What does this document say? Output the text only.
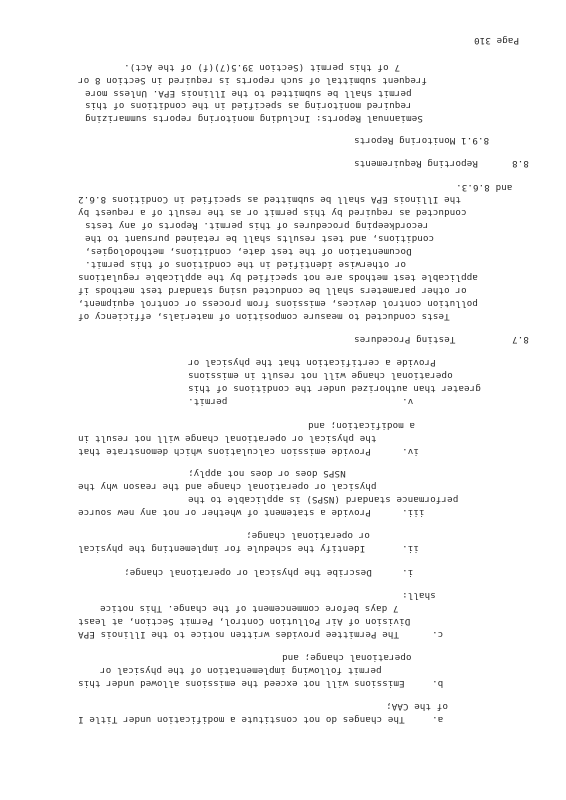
Page 310
7 of this permit (Section 39.5(7)(f) of the Act).
frequent submittal of such reports is required in Section 8 or
permit shall be submitted to the Illinois EPA. Unless more
required monitoring as specified in the conditions of this
Semiannual Reports: Including monitoring reports summarizing
8.9.1 Monitoring Reports
8.8
Reporting Requirements
and 8.6.3.
the Illinois EPA shall be submitted as specified in Conditions 8.6.2
conducted as required by this permit or as the result of a request by
recordkeeping procedures of this permit. Reports of any tests
conditions, and test results shall be retained pursuant to the
Documentation of the test date, conditions, methodologies,
or otherwise identified in the conditions of this permit.
applicable test methods are not specified by the applicable regulations
or other parameters shall be conducted using standard test methods if
pollution control devices, emissions from process or control equipment,
Tests conducted to measure composition of materials, efficiency of
8.7
Testing Procedures
Provide a certification that the physical or
operational change will not result in emissions
greater than authorized under the conditions of this
v.
permit.
a modification; and
the physical or operational change will not result in
iv.
Provide emission calculations which demonstrate that
NSPS does or does not apply;
physical or operational change and the reason why the
performance standard (NSPS) is applicable to the
iii.
Provide a statement of whether or not any new source
or operational change;
ii.
Identify the schedule for implementing the physical
i.
Describe the physical or operational change;
shall:
7 days before commencement of the change. This notice
Division of Air Pollution Control, Permit Section, at least
c.
The Permittee provides written notice to the Illinois EPA
operational change; and
permit following implementation of the physical or
b.
Emissions will not exceed the emissions allowed under this
of the CAA;
a.
The changes do not constitute a modification under Title I
